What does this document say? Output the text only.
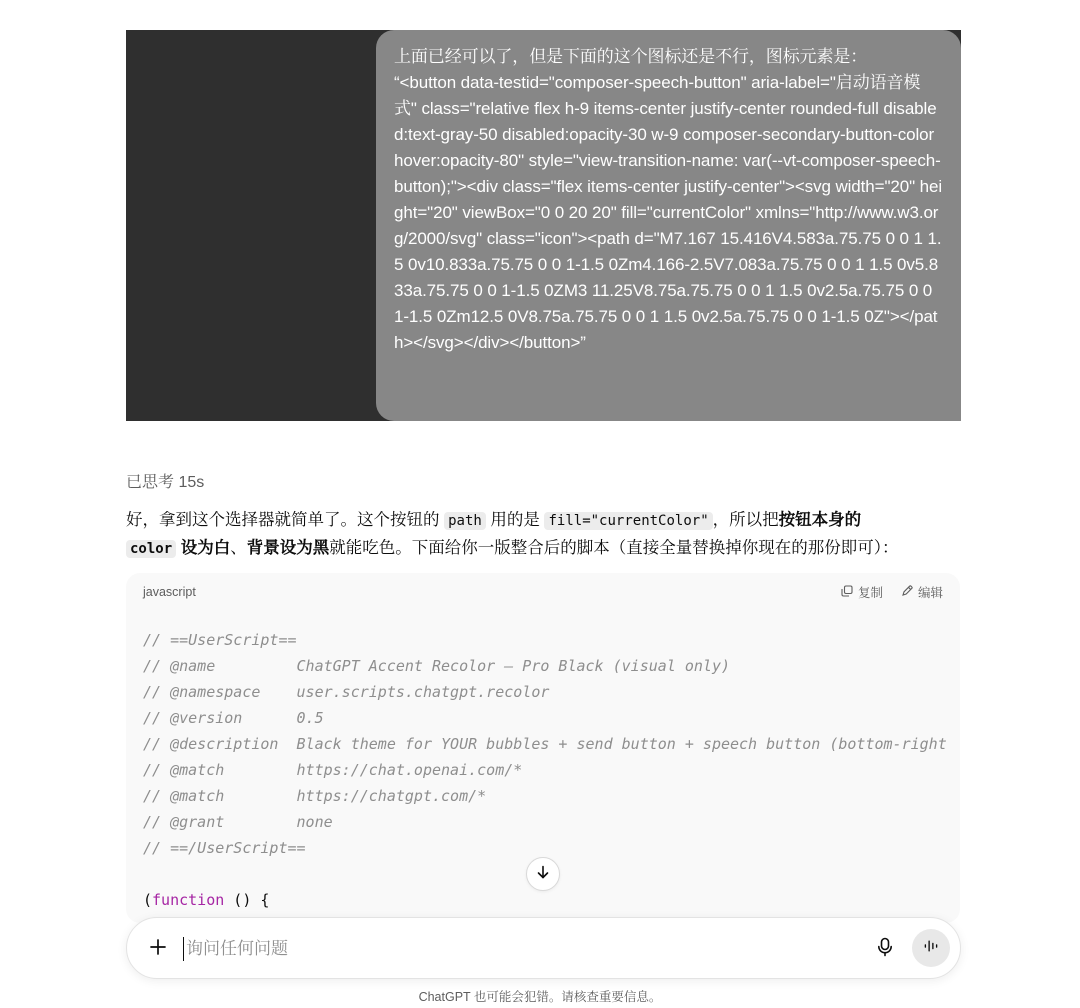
上面已经可以了，但是下面的这个图标还是不行，图标元素是：
“<button data-testid="composer-speech-button" aria-label="启动语音模式" class="relative flex h-9 items-center justify-center rounded-full disabled:text-gray-50 disabled:opacity-30 w-9 composer-secondary-button-color hover:opacity-80" style="view-transition-name: var(--vt-composer-speech-button);"><div class="flex items-center justify-center"><svg width="20" height="20" viewBox="0 0 20 20" fill="currentColor" xmlns="http://www.w3.org/2000/svg" class="icon"><path d="M7.167 15.416V4.583a.75.75 0 0 1 1.5 0v10.833a.75.75 0 0 1-1.5 0Zm4.166-2.5V7.083a.75.75 0 0 1 1.5 0v5.833a.75.75 0 0 1-1.5 0ZM3 11.25V8.75a.75.75 0 0 1 1.5 0v2.5a.75.75 0 0 1-1.5 0Zm12.5 0V8.75a.75.75 0 0 1 1.5 0v2.5a.75.75 0 0 1-1.5 0Z"></path></svg></div></button>”

已思考 15s
好，拿到这个选择器就简单了。这个按钮的 path 用的是 fill="currentColor" ，所以把按钮本身的
color 设为白、背景设为黑就能吃色。下面给你一版整合后的脚本（直接全量替换掉你现在的那份即可）：
javascript	复制	编辑
// ==UserScript==
// @name         ChatGPT Accent Recolor — Pro Black (visual only)
// @namespace    user.scripts.chatgpt.recolor
// @version      0.5
// @description  Black theme for YOUR bubbles + send button + speech button (bottom-right
// @match        https://chat.openai.com/*
// @match        https://chatgpt.com/*
// @grant        none
// ==/UserScript==

(function () {
询问任何问题
ChatGPT 也可能会犯错。请核查重要信息。
